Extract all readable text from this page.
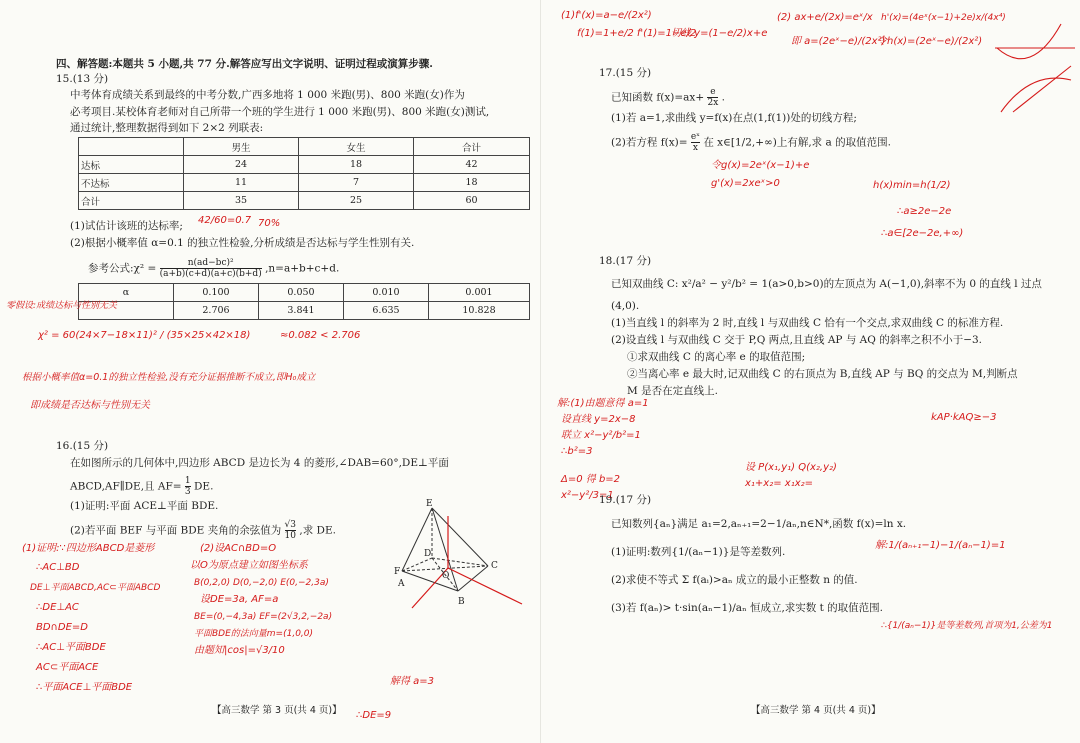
四、解答题:本题共 5 小题,共 77 分.解答应写出文字说明、证明过程或演算步骤.
15.(13 分)
中考体育成绩关系到最终的中考分数,广西多地将 1 000 米跑(男)、800 米跑(女)作为
必考项目.某校体育老师对自己所带一个班的学生进行 1 000 米跑(男)、800 米跑(女)测试,
通过统计,整理数据得到如下 2×2 列联表:
	男生	女生	合计
达标	24	18	42
不达标	11	7	18
合计	35	25	60
(1)试估计该班的达标率;
(2)根据小概率值 α=0.1 的独立性检验,分析成绩是否达标与学生性别有关.
参考公式:χ² = $\frac{\text{n(ad−bc)²}}{(a+b)(c+d)(a+c)(b+d)} ,n=a+b+c+d$.
α	0.100	0.050	0.010	0.001
	2.706	3.841	6.635	10.828
42/60=0.7 70%
零假设:成绩达标与性别无关
χ² = 60(24×7−18×11)² / (35×25×42×18)	≈0.082 < 2.706
根据小概率值α=0.1的独立性检验,没有充分证据推断不成立,即H₀成立
即成绩是否达标与性别无关
16.(15 分)
在如图所示的几何体中,四边形 ABCD 是边长为 4 的菱形,∠DAB=60°,DE⊥平面
ABCD,AF∥DE,且 $AF= \frac{1}{3}$ DE.
(1)证明:平面 ACE⊥平面 BDE.
(2)若平面 BEF 与平面 BDE 夹角的余弦值为 $\frac{√3}{10}$ ,求 DE.
E
F
D
A
B
C
O
(1)证明:∵四边形ABCD是菱形
∴AC⊥BD
DE⊥平面ABCD,AC⊂平面ABCD
∴DE⊥AC
BD∩DE=D
∴AC⊥平面BDE
AC⊂平面ACE
∴平面ACE⊥平面BDE
(2)设AC∩BD=O
以O为原点建立如图坐标系
B(0,2,0) D(0,−2,0) E(0,−2,3a)
设DE=3a, AF=a
BE=(0,−4,3a) EF=(2√3,2,−2a)
平面BDE的法向量m=(1,0,0)
由题知|cos|=√3/10
解得 a=3
∴DE=9
【高三数学 第 3 页(共 4 页)】
17.(15 分)
已知函数 $f(x)=ax+ \frac{e}{2x}$ .
(1)若 a=1,求曲线 y=f(x)在点(1,f(1))处的切线方程;
(2)若方程 $f(x)= \frac{\text{eˣ}}{x}$ 在 x∈[1/2,+∞)上有解,求 a 的取值范围.
(1)f'(x)=a−e/(2x²)
f(1)=1+e/2 f'(1)=1−e/2
切线 y=(1−e/2)x+e
(2) ax+e/(2x)=eˣ/x
即 a=(2eˣ−e)/(2x²)
令h(x)=(2eˣ−e)/(2x²)
h'(x)=(4eˣ(x−1)+2e)x/(4x⁴)
令g(x)=2eˣ(x−1)+e
g'(x)=2xeˣ>0	h(x)min=h(1/2)
∴a≥2e−2e
∴a∈[2e−2e,+∞)
18.(17 分)
已知双曲线 C: x²/a² − y²/b² = 1(a>0,b>0)的左顶点为 A(−1,0),斜率不为 0 的直线 l 过点
(4,0).
(1)当直线 l 的斜率为 2 时,直线 l 与双曲线 C 恰有一个交点,求双曲线 C 的标准方程.
(2)设直线 l 与双曲线 C 交于 P,Q 两点,且直线 AP 与 AQ 的斜率之积不小于−3.
①求双曲线 C 的离心率 e 的取值范围;
②当离心率 e 最大时,记双曲线 C 的右顶点为 B,直线 AP 与 BQ 的交点为 M,判断点
M 是否在定直线上.
解:(1)由题意得 a=1
设直线 y=2x−8
联立 x²−y²/b²=1
∴b²=3
Δ=0 得 b=2
x²−y²/3=1
设 P(x₁,y₁) Q(x₂,y₂)
x₁+x₂= x₁x₂=
kAP·kAQ≥−3
19.(17 分)
已知数列{aₙ}满足 a₁=2,aₙ₊₁=2−1/aₙ,n∈N*,函数 f(x)=ln x.
(1)证明:数列{1/(aₙ−1)}是等差数列.
(2)求使不等式 Σ f(aᵢ)>aₙ 成立的最小正整数 n 的值.
(3)若 f(aₙ)> t·sin(aₙ−1)/aₙ 恒成立,求实数 t 的取值范围.
解:1/(aₙ₊₁−1)−1/(aₙ−1)=1
∴{1/(aₙ−1)}是等差数列,首项为1,公差为1
【高三数学 第 4 页(共 4 页)】
